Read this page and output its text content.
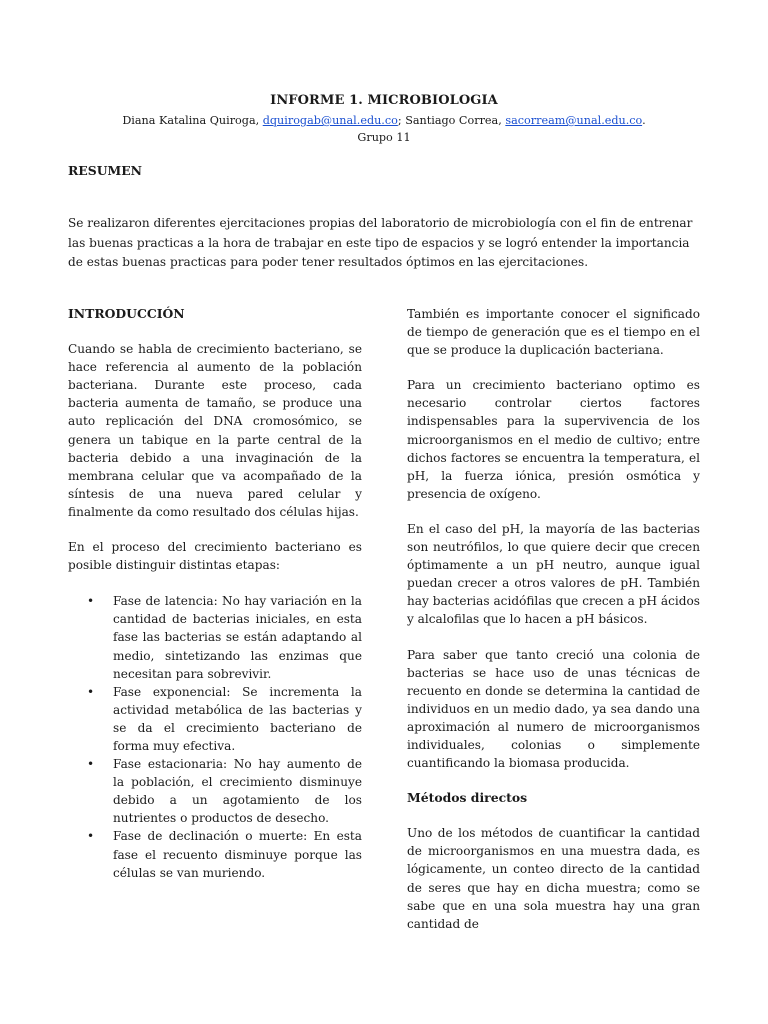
INFORME 1. MICROBIOLOGIA
Diana Katalina Quiroga, dquirogab@unal.edu.co; Santiago Correa, sacorream@unal.edu.co.
Grupo 11
RESUMEN

Se realizaron diferentes ejercitaciones propias del laboratorio de microbiología con el fin de entrenar las buenas practicas a la hora de trabajar en este tipo de espacios y se logró entender la importancia de estas buenas practicas para poder tener resultados óptimos en las ejercitaciones.

INTRODUCCIÓN

Cuando se habla de crecimiento bacteriano, se hace referencia al aumento de la población bacteriana. Durante este proceso, cada bacteria aumenta de tamaño, se produce una auto replicación del DNA cromosómico, se genera un tabique en la parte central de la bacteria debido a una invaginación de la membrana celular que va acompañado de la síntesis de una nueva pared celular y finalmente da como resultado dos células hijas.

En el proceso del crecimiento bacteriano es posible distinguir distintas etapas:

• Fase de latencia: No hay variación en la cantidad de bacterias iniciales, en esta fase las bacterias se están adaptando al medio, sintetizando las enzimas que necesitan para sobrevivir.
• Fase exponencial: Se incrementa la actividad metabólica de las bacterias y se da el crecimiento bacteriano de forma muy efectiva.
• Fase estacionaria: No hay aumento de la población, el crecimiento disminuye debido a un agotamiento de los nutrientes o productos de desecho.
• Fase de declinación o muerte: En esta fase el recuento disminuye porque las células se van muriendo.

También es importante conocer el significado de tiempo de generación que es el tiempo en el que se produce la duplicación bacteriana.

Para un crecimiento bacteriano optimo es necesario controlar ciertos factores indispensables para la supervivencia de los microorganismos en el medio de cultivo; entre dichos factores se encuentra la temperatura, el pH, la fuerza iónica, presión osmótica y presencia de oxígeno.

En el caso del pH, la mayoría de las bacterias son neutrófilos, lo que quiere decir que crecen óptimamente a un pH neutro, aunque igual puedan crecer a otros valores de pH. También hay bacterias acidófilas que crecen a pH ácidos y alcalofilas que lo hacen a pH básicos.

Para saber que tanto creció una colonia de bacterias se hace uso de unas técnicas de recuento en donde se determina la cantidad de individuos en un medio dado, ya sea dando una aproximación al numero de microorganismos individuales, colonias o simplemente cuantificando la biomasa producida.

Métodos directos

Uno de los métodos de cuantificar la cantidad de microorganismos en una muestra dada, es lógicamente, un conteo directo de la cantidad de seres que hay en dicha muestra; como se sabe que en una sola muestra hay una gran cantidad de
